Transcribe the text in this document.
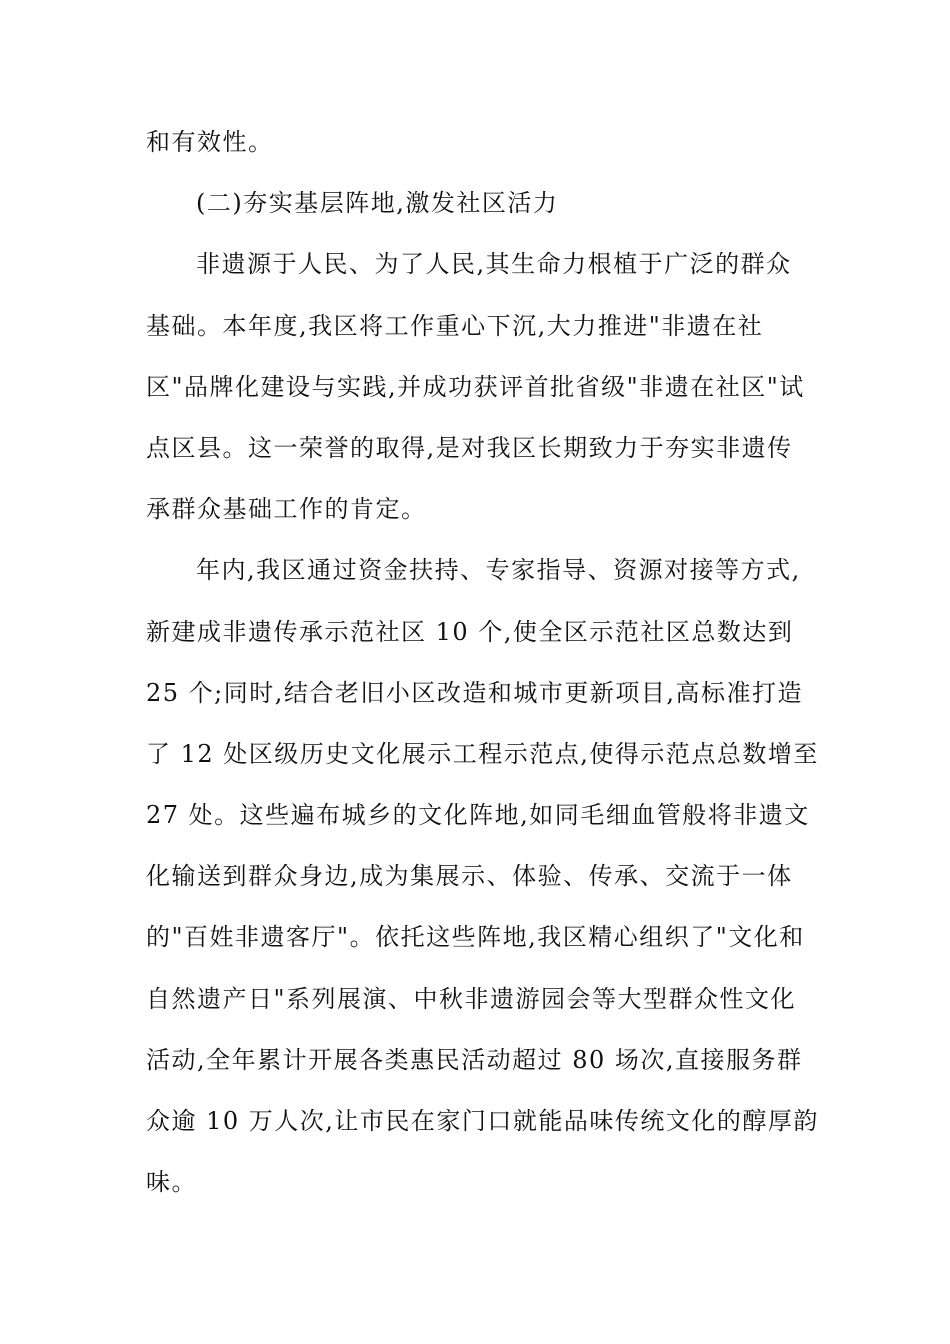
和有效性。
(二)夯实基层阵地,激发社区活力
非遗源于人民、为了人民,其生命力根植于广泛的群众
基础。本年度,我区将工作重心下沉,大力推进"非遗在社
区"品牌化建设与实践,并成功获评首批省级"非遗在社区"试
点区县。这一荣誉的取得,是对我区长期致力于夯实非遗传
承群众基础工作的肯定。
年内,我区通过资金扶持、专家指导、资源对接等方式,
新建成非遗传承示范社区 10 个,使全区示范社区总数达到
25 个;同时,结合老旧小区改造和城市更新项目,高标准打造
了 12 处区级历史文化展示工程示范点,使得示范点总数增至
27 处。这些遍布城乡的文化阵地,如同毛细血管般将非遗文
化输送到群众身边,成为集展示、体验、传承、交流于一体
的"百姓非遗客厅"。依托这些阵地,我区精心组织了"文化和
自然遗产日"系列展演、中秋非遗游园会等大型群众性文化
活动,全年累计开展各类惠民活动超过 80 场次,直接服务群
众逾 10 万人次,让市民在家门口就能品味传统文化的醇厚韵
味。
